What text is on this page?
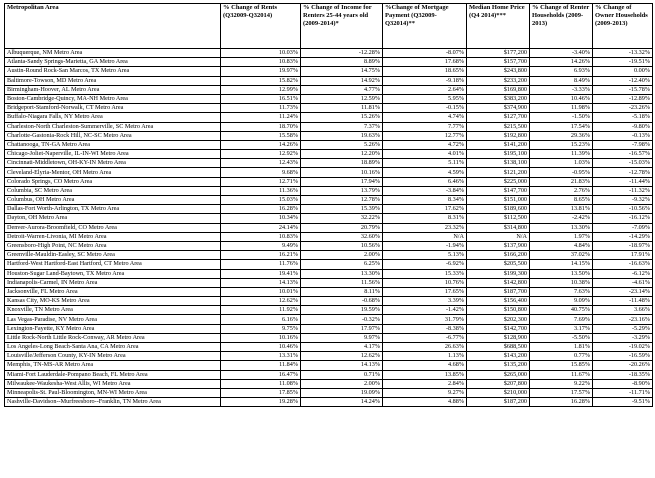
Metropolitan Area	% Change of Rents (Q32009-Q32014)	% Change of Income for Renters 25-44 years old (2009-2014)*	%Change of Mortgage Payment (Q32009-Q32014)**	Median Home Price (Q4 2014)***	% Change of Renter Households (2009-2013)	% Change of Owner Households (2009-2013)
Albuquerque, NM Metro Area	10.03%	-12.28%	-8.07%	$177,200	-3.40%	-13.32%
Atlanta-Sandy Springs-Marietta, GA Metro Area	10.83%	8.89%	17.68%	$157,700	14.26%	-19.51%
Austin-Round Rock-San Marcos, TX Metro Area	19.97%	14.75%	18.65%	$243,800	6.93%	0.00%
Baltimore-Towson, MD Metro Area	15.82%	14.92%	-9.18%	$233,200	8.49%	-12.40%
Birmingham-Hoover, AL Metro Area	12.99%	4.77%	2.64%	$169,800	-3.33%	-15.78%
Boston-Cambridge-Quincy, MA-NH Metro Area	16.51%	12.59%	5.95%	$383,200	10.46%	-12.89%
Bridgeport-Stamford-Norwalk, CT Metro Area	11.73%	11.81%	-0.15%	$374,900	11.98%	-23.26%
Buffalo-Niagara Falls, NY Metro Area	11.24%	15.26%	4.74%	$127,700	-1.50%	-5.18%
Charleston-North Charleston-Summerville, SC Metro Area	18.70%	7.37%	7.77%	$215,500	17.54%	-9.80%
Charlotte-Gastonia-Rock Hill, NC-SC Metro Area	15.58%	19.63%	12.77%	$192,800	29.36%	-0.13%
Chattanooga, TN-GA Metro Area	14.26%	5.26%	4.72%	$141,200	15.23%	-7.98%
Chicago-Joliet-Naperville, IL-IN-WI Metro Area	12.92%	12.20%	4.01%	$195,100	11.39%	-16.57%
Cincinnati-Middletown, OH-KY-IN Metro Area	12.43%	18.89%	5.11%	$138,100	1.03%	-15.03%
Cleveland-Elyria-Mentor, OH Metro Area	9.68%	10.16%	4.59%	$121,200	-0.95%	-12.78%
Colorado Springs, CO Metro Area	12.71%	17.94%	6.46%	$225,000	21.83%	-11.44%
Columbia, SC Metro Area	11.36%	13.79%	-3.84%	$147,700	2.76%	-11.32%
Columbus, OH Metro Area	15.03%	12.78%	8.34%	$151,000	8.65%	-9.32%
Dallas-Fort Worth-Arlington, TX Metro Area	16.28%	15.39%	17.62%	$189,600	13.81%	-10.56%
Dayton, OH Metro Area	10.34%	32.22%	8.31%	$112,500	-2.42%	-16.12%
Denver-Aurora-Broomfield, CO Metro Area	24.14%	20.79%	23.32%	$314,800	13.30%	-7.09%
Detroit-Warren-Livonia, MI Metro Area	10.83%	32.60%	N/A	N/A	1.97%	-14.29%
Greensboro-High Point, NC Metro Area	9.49%	10.56%	-1.94%	$137,900	4.84%	-18.97%
Greenville-Mauldin-Easley, SC Metro Area	16.21%	2.00%	5.13%	$166,200	37.02%	17.91%
Hartford-West Hartford-East Hartford, CT Metro Area	11.76%	6.25%	-6.92%	$205,500	14.15%	-16.63%
Houston-Sugar Land-Baytown, TX Metro Area	19.41%	13.30%	15.33%	$199,300	13.50%	-6.12%
Indianapolis-Carmel, IN Metro Area	14.13%	11.56%	10.76%	$142,800	10.38%	-4.61%
Jacksonville, FL Metro Area	10.01%	8.11%	17.65%	$187,700	7.63%	-23.14%
Kansas City, MO-KS Metro Area	12.62%	-0.68%	3.39%	$156,400	9.09%	-11.48%
Knoxville, TN Metro Area	11.92%	19.59%	-1.42%	$150,800	40.75%	3.66%
Las Vegas-Paradise, NV Metro Area	6.16%	-0.32%	31.79%	$202,300	7.69%	-23.16%
Lexington-Fayette, KY Metro Area	9.75%	17.97%	-8.38%	$142,700	3.17%	-5.29%
Little Rock-North Little Rock-Conway, AR Metro Area	10.16%	9.97%	-6.77%	$128,900	-5.50%	-3.29%
Los Angeles-Long Beach-Santa Ana, CA Metro Area	10.46%	4.17%	26.63%	$688,500	1.81%	-19.02%
Louisville/Jefferson County, KY-IN Metro Area	13.31%	12.62%	1.13%	$143,200	0.77%	-16.59%
Memphis, TN-MS-AR Metro Area	11.84%	14.13%	4.68%	$135,200	15.85%	-20.26%
Miami-Fort Lauderdale-Pompano Beach, FL Metro Area	16.47%	0.71%	13.85%	$265,000	11.67%	-18.35%
Milwaukee-Waukesha-West Allis, WI Metro Area	11.08%	2.00%	2.84%	$207,800	9.22%	-8.90%
Minneapolis-St. Paul-Bloomington, MN-WI Metro Area	17.85%	19.09%	9.27%	$210,000	17.57%	-11.71%
Nashville-Davidson--Murfreesboro--Franklin, TN Metro Area	19.28%	14.24%	4.88%	$187,200	16.28%	-9.51%
